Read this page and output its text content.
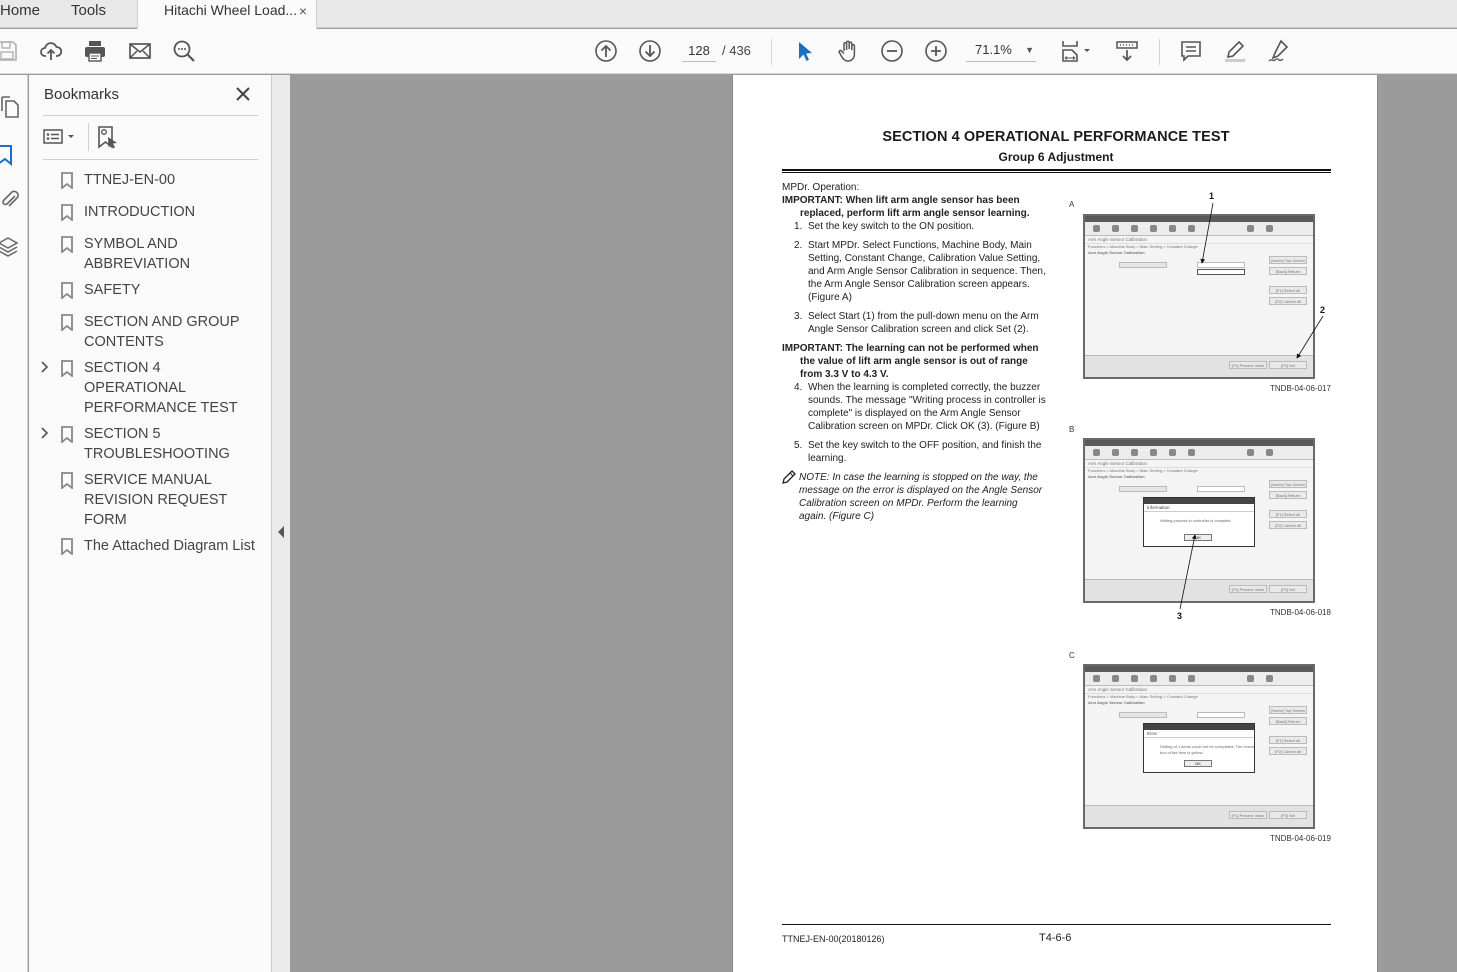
Home Tools	Hitachi Wheel Load... ×
128
/ 436	71.1% ▼
Bookmarks
TTNEJ-EN-00
INTRODUCTION
SYMBOL AND ABBREVIATION
SAFETY
SECTION AND GROUP CONTENTS
SECTION 4 OPERATIONAL PERFORMANCE TEST
SECTION 5 TROUBLESHOOTING
SERVICE MANUAL REVISION REQUEST FORM
The Attached Diagram List
SECTION 4 OPERATIONAL PERFORMANCE TEST
Group 6 Adjustment

MPDr. Operation:

IMPORTANT: When lift arm angle sensor has been replaced, perform lift arm angle sensor learning.

1. Set the key switch to the ON position.
2. Start MPDr. Select Functions, Machine Body, Main Setting, Constant Change, Calibration Value Setting, and Arm Angle Sensor Calibration in sequence. Then, the Arm Angle Sensor Calibration screen appears. (Figure A)
3. Select Start (1) from the pull-down menu on the Arm Angle Sensor Calibration screen and click Set (2).

IMPORTANT: The learning can not be performed when the value of lift arm angle sensor is out of range from 3.3 V to 4.3 V.

4. When the learning is completed correctly, the buzzer sounds. The message "Writing process in controller is complete" is displayed on the Arm Angle Sensor Calibration screen on MPDr. Click OK (3). (Figure B)
5. Set the key switch to the OFF position, and finish the learning.

NOTE: In case the learning is stopped on the way, the message on the error is displayed on the Angle Sensor Calibration screen on MPDr. Perform the learning again. (Figure C)

A
Arm Angle Sensor Calibration
Functions > Machine Body > Main Setting > Constant Change
Arm Angle Sensor Calibration
[Home] Top Screen
[Back] Return
[F1] Select all
[F2] Cancel all
[F4] Present Value	[F5] Set
1
2
TNDB-04-06-017
B
Arm Angle Sensor Calibration
Functions > Machine Body > Main Setting > Constant Change
Arm Angle Sensor Calibration
[Home] Top Screen
[Back] Return
[F1] Select all
[F2] Cancel all
Information
Writing process in controller is complete.
OK
[F4] Present Value	[F5] Set
3	TNDB-04-06-018
C
Arm Angle Sensor Calibration
Functions > Machine Body > Main Setting > Constant Change
Arm Angle Sensor Calibration
[Home] Top Screen
[Back] Return
[F1] Select all
[F2] Cancel all
Error
Setting of 1 items could not be completed. The check box of the item is yellow.
OK
[F4] Present Value	[F5] Set
TNDB-04-06-019
TTNEJ-EN-00(20180126)	T4-6-6
